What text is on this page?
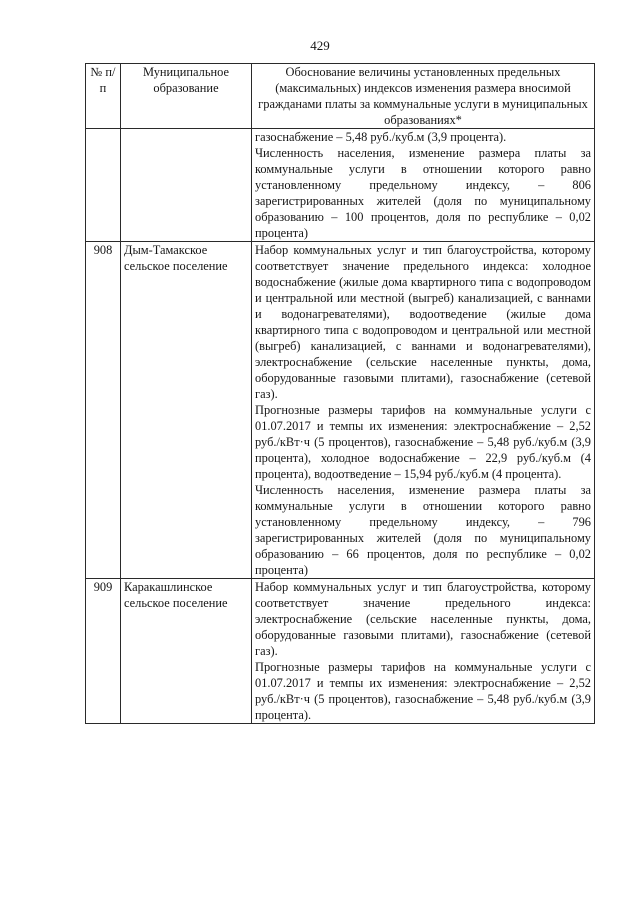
429
№ п/п	Муниципальное образование	Обоснование величины установленных предельных (максимальных) индексов изменения размера вносимой гражданами платы за коммунальные услуги в муниципальных образованиях*

		газоснабжение – 5,48 руб./куб.м (3,9 процента).
Численность населения, изменение размера платы за коммунальные услуги в отношении которого равно установленному предельному индексу, – 806 зарегистрированных жителей (доля по муниципальному образованию – 100 процентов, доля по республике – 0,02 процента)

908	Дым-Тамакское сельское поселение	Набор коммунальных услуг и тип благоустройства, которому соответствует значение предельного индекса: холодное водоснабжение (жилые дома квартирного типа с водопроводом и центральной или местной (выгреб) канализацией, с ваннами и водонагревателями), водоотведение (жилые дома квартирного типа с водопроводом и центральной или местной (выгреб) канализацией, с ваннами и водонагревателями), электроснабжение (сельские населенные пункты, дома, оборудованные газовыми плитами), газоснабжение (сетевой газ).
Прогнозные размеры тарифов на коммунальные услуги с 01.07.2017 и темпы их изменения: электроснабжение – 2,52 руб./кВт·ч (5 процентов), газоснабжение – 5,48 руб./куб.м (3,9 процента), холодное водоснабжение – 22,9 руб./куб.м (4 процента), водоотведение – 15,94 руб./куб.м (4 процента).
Численность населения, изменение размера платы за коммунальные услуги в отношении которого равно установленному предельному индексу, – 796 зарегистрированных жителей (доля по муниципальному образованию – 66 процентов, доля по республике – 0,02 процента)

909	Каракашлинское сельское поселение	Набор коммунальных услуг и тип благоустройства, которому соответствует значение предельного индекса: электроснабжение (сельские населенные пункты, дома, оборудованные газовыми плитами), газоснабжение (сетевой газ).
Прогнозные размеры тарифов на коммунальные услуги с 01.07.2017 и темпы их изменения: электроснабжение – 2,52 руб./кВт·ч (5 процентов), газоснабжение – 5,48 руб./куб.м (3,9 процента).
